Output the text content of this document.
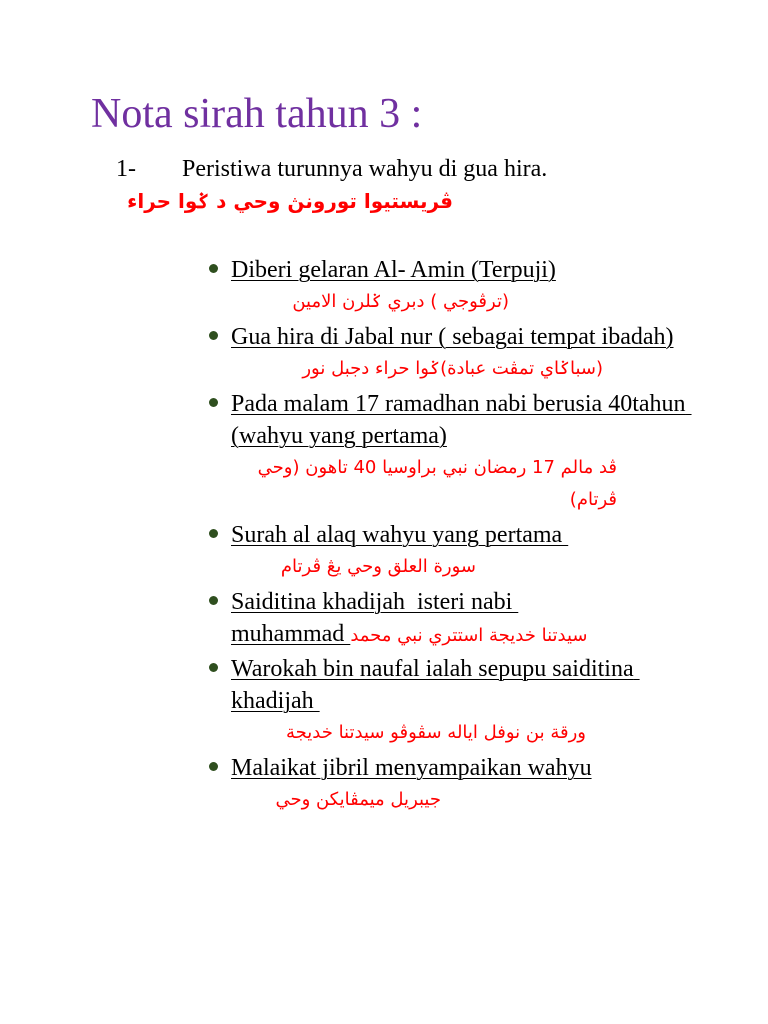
Nota sirah tahun 3 :
1- Peristiwa turunnya wahyu di gua hira.
ڤريستيوا تورونڽ وحي د ݢوا حراء
Diberi gelaran Al- Amin (Terpuji)
(ترڤوجي ) دبري ݢلرن الامين
Gua hira di Jabal nur ( sebagai tempat ibadah)
(سباݢاي تمڤت عبادة)ݢوا حراء دجبل نور
Pada malam 17 ramadhan nabi berusia 40tahun (wahyu yang pertama)
ڤد مالم 17 رمضان نبي براوسيا 40 تاهون (وحي ڤرتام)
Surah al alaq wahyu yang pertama
سورة العلق وحي يڠ ڤرتام
Saiditina khadijah  isteri nabi
muhammad سيدتنا خديجة استتري نبي محمد
Warokah bin naufal ialah sepupu saiditina khadijah
ورقة بن نوفل اياله سڤوڤو سيدتنا خديجة
Malaikat jibril menyampaikan wahyu
جيبريل ميمڤايكن وحي
